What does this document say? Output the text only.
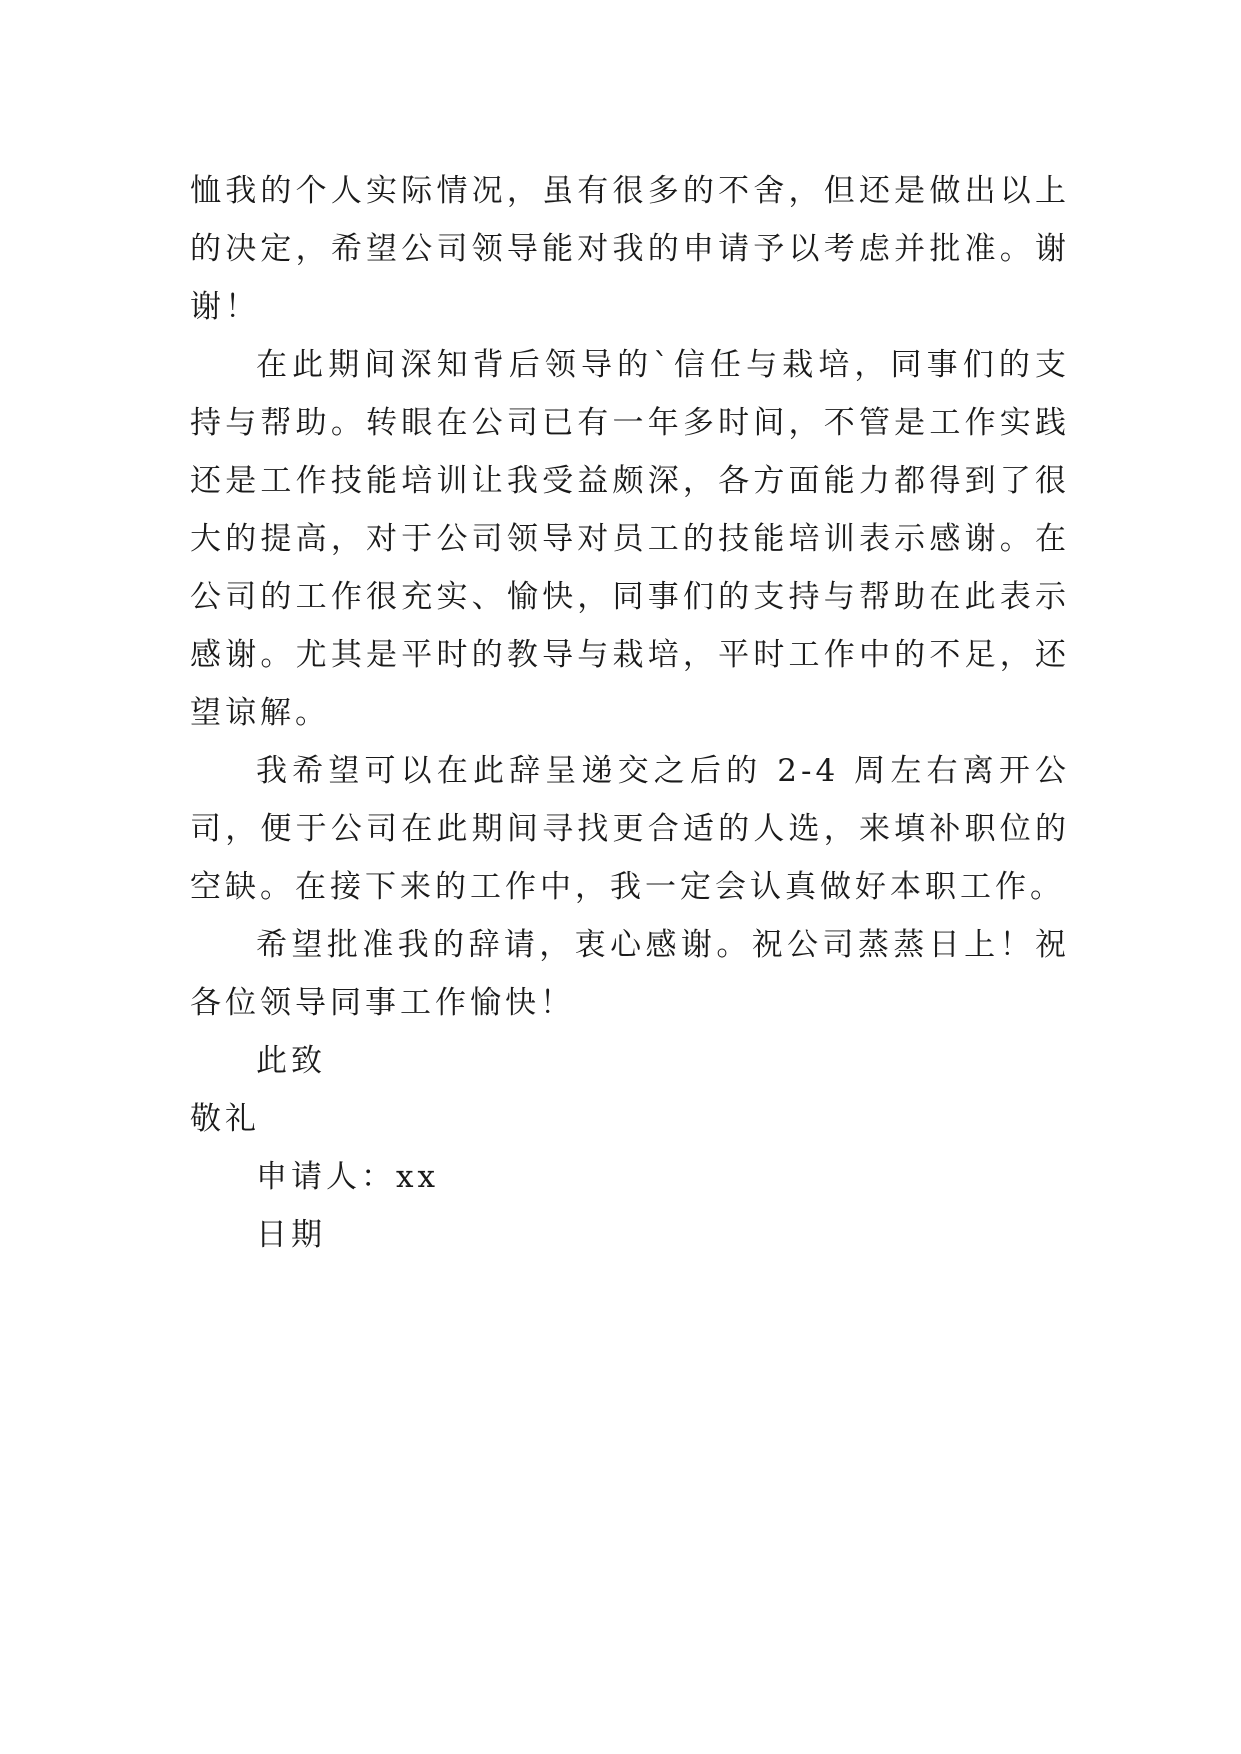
恤我的个人实际情况，虽有很多的不舍，但还是做出以上的决定，希望公司领导能对我的申请予以考虑并批准。谢谢！

在此期间深知背后领导的`信任与栽培，同事们的支持与帮助。转眼在公司已有一年多时间，不管是工作实践还是工作技能培训让我受益颇深，各方面能力都得到了很大的提高，对于公司领导对员工的技能培训表示感谢。在公司的工作很充实、愉快，同事们的支持与帮助在此表示感谢。尤其是平时的教导与栽培，平时工作中的不足，还望谅解。

我希望可以在此辞呈递交之后的 2-4 周左右离开公司，便于公司在此期间寻找更合适的人选，来填补职位的空缺。在接下来的工作中，我一定会认真做好本职工作。

希望批准我的辞请，衷心感谢。祝公司蒸蒸日上！祝各位领导同事工作愉快！

此致

敬礼

申请人：xx

日期
